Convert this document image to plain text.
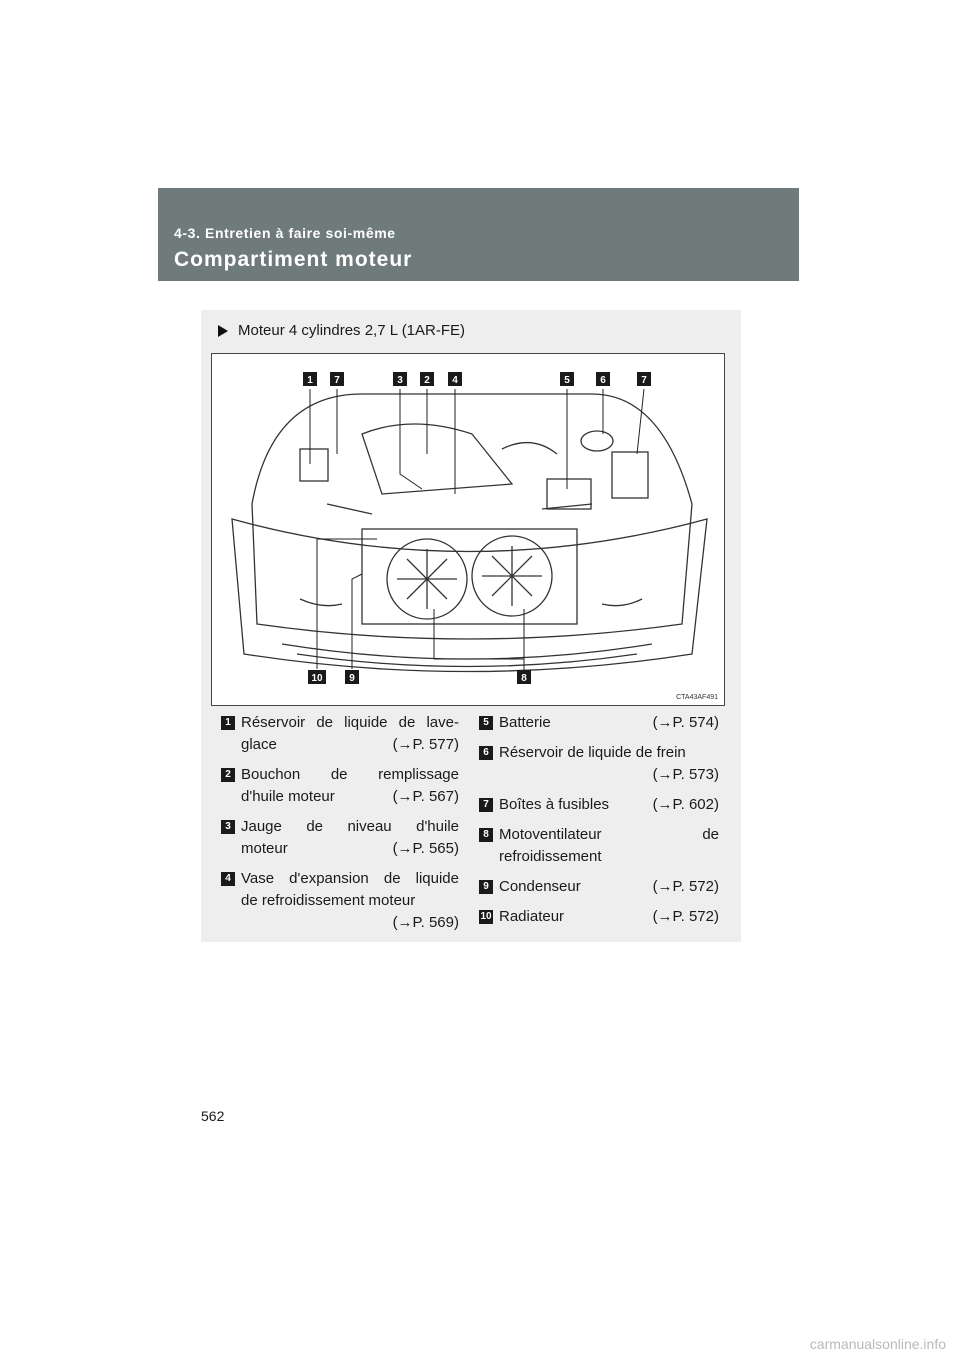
4-3. Entretien à faire soi-même
Compartiment moteur
Moteur 4 cylindres 2,7 L (1AR-FE)
1 7	3 2 4	5	6	7
10	9	8
CTA43AF491
1 Réservoir de liquide de lave-
glace	(→P. 577)
2 Bouchon de remplissage
d'huile moteur	(→P. 567)
3 Jauge de niveau d'huile
moteur	(→P. 565)
4 Vase d'expansion de liquide
de refroidissement moteur
(→P. 569)
5 Batterie	(→P. 574)
6 Réservoir de liquide de frein
(→P. 573)
7 Boîtes à fusibles	(→P. 602)
8 Motoventilateur de
refroidissement
9 Condenseur	(→P. 572)
10 Radiateur	(→P. 572)
562
carmanualsonline.info
